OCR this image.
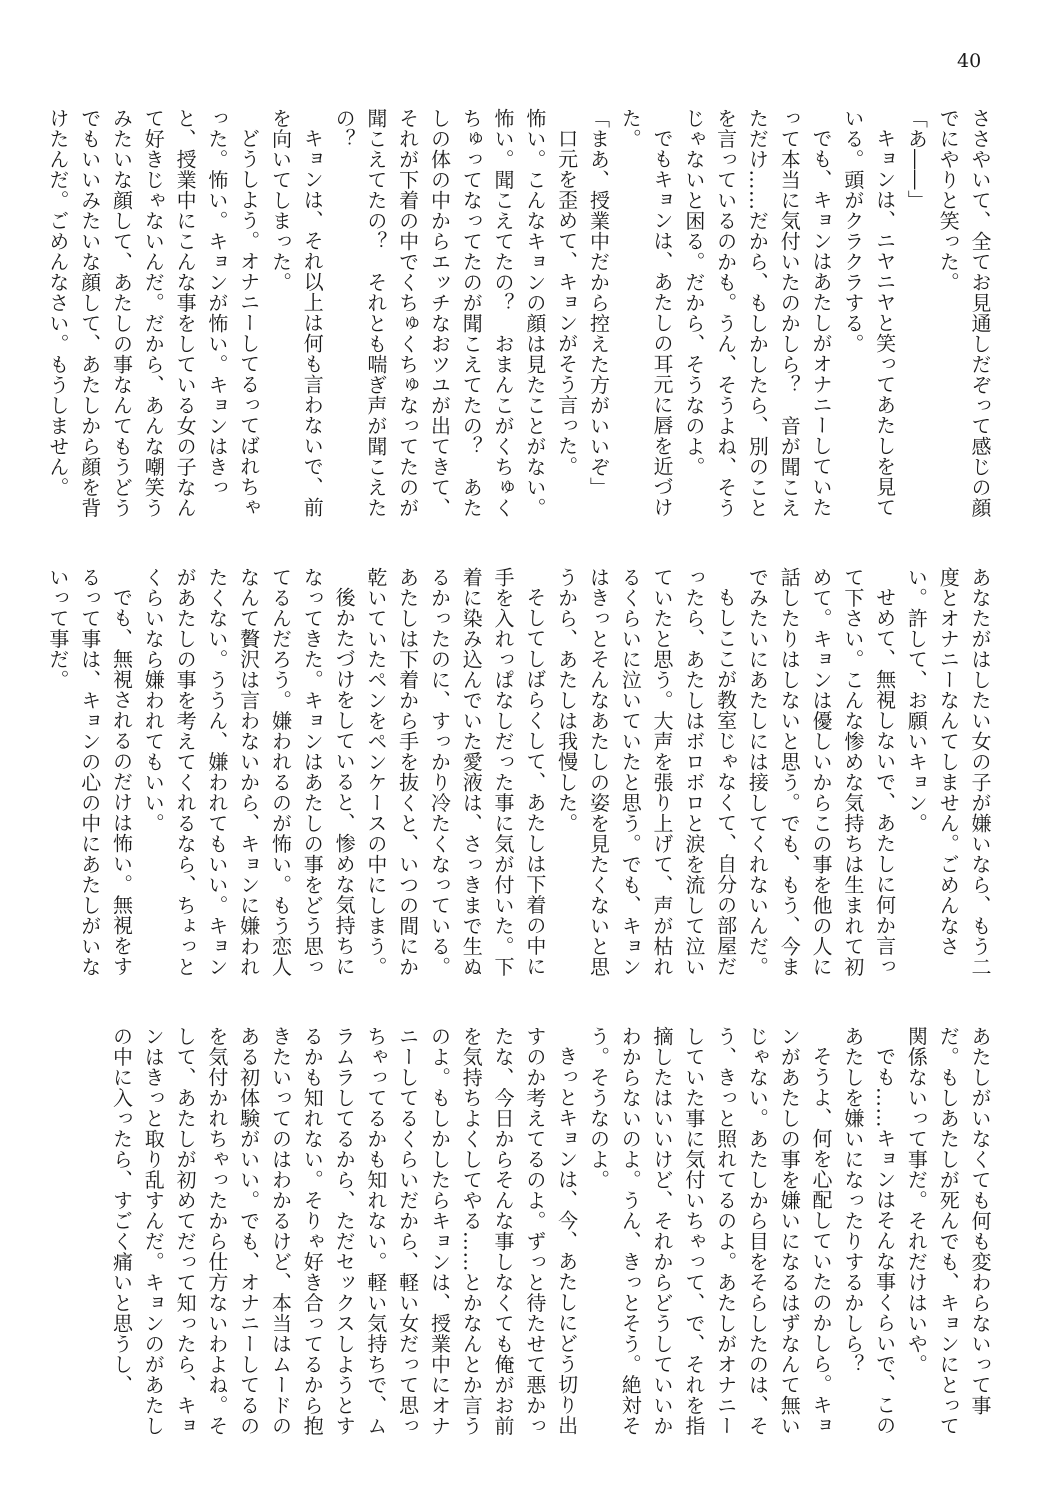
40

ささやいて、全てお見通しだぞって感じの顔でにやりと笑った。

「あ――」

キョンは、ニヤニヤと笑ってあたしを見ている。頭がクラクラする。

でも、キョンはあたしがオナニーしていたって本当に気付いたのかしら？　音が聞こえただけ……だから、もしかしたら、別のことを言っているのかも。うん、そうよね、そうじゃないと困る。だから、そうなのよ。

でもキョンは、あたしの耳元に唇を近づけた。

「まあ、授業中だから控えた方がいいぞ」

口元を歪めて、キョンがそう言った。

怖い。こんなキョンの顔は見たことがない。怖い。聞こえてたの？　おまんこがくちゅくちゅってなってたのが聞こえてたの？　あたしの体の中からエッチなおツユが出てきて、それが下着の中でくちゅくちゅなってたのが聞こえてたの？　それとも喘ぎ声が聞こえたの？

キョンは、それ以上は何も言わないで、前を向いてしまった。

どうしよう。オナニーしてるってばれちゃった。怖い。キョンが怖い。キョンはきっと、授業中にこんな事をしている女の子なんて好きじゃないんだ。だから、あんな嘲笑うみたいな顔して、あたしの事なんてもうどうでもいいみたいな顔して、あたしから顔を背けたんだ。ごめんなさい。もうしません。

あなたがはしたい女の子が嫌いなら、もう二度とオナニーなんてしません。ごめんなさい。許して、お願いキョン。

せめて、無視しないで、あたしに何か言って下さい。こんな惨めな気持ちは生まれて初めて。キョンは優しいからこの事を他の人に話したりはしないと思う。でも、もう、今までみたいにあたしには接してくれないんだ。

もしここが教室じゃなくて、自分の部屋だったら、あたしはボロボロと涙を流して泣いていたと思う。大声を張り上げて、声が枯れるくらいに泣いていたと思う。でも、キョンはきっとそんなあたしの姿を見たくないと思うから、あたしは我慢した。

そしてしばらくして、あたしは下着の中に手を入れっぱなしだった事に気が付いた。下着に染み込んでいた愛液は、さっきまで生ぬるかったのに、すっかり冷たくなっている。あたしは下着から手を抜くと、いつの間にか乾いていたペンをペンケースの中にしまう。

後かたづけをしていると、惨めな気持ちになってきた。キョンはあたしの事をどう思ってるんだろう。嫌われるのが怖い。もう恋人なんて贅沢は言わないから、キョンに嫌われたくない。ううん、嫌われてもいい。キョンがあたしの事を考えてくれるなら、ちょっとくらいなら嫌われてもいい。

でも、無視されるのだけは怖い。無視をするって事は、キョンの心の中にあたしがいないって事だ。

あたしがいなくても何も変わらないって事だ。もしあたしが死んでも、キョンにとって関係ないって事だ。それだけはいや。

でも……キョンはそんな事くらいで、このあたしを嫌いになったりするかしら？

そうよ、何を心配していたのかしら。キョンがあたしの事を嫌いになるはずなんて無いじゃない。あたしから目をそらしたのは、そう、きっと照れてるのよ。あたしがオナニーしていた事に気付いちゃって、で、それを指摘したはいいけど、それからどうしていいかわからないのよ。うん、きっとそう。絶対そう。そうなのよ。

きっとキョンは、今、あたしにどう切り出すのか考えてるのよ。ずっと待たせて悪かったな、今日からそんな事しなくても俺がお前を気持ちよくしてやる……とかなんとか言うのよ。もしかしたらキョンは、授業中にオナニーしてるくらいだから、軽い女だって思っちゃってるかも知れない。軽い気持ちで、ムラムラしてるから、ただセックスしようとするかも知れない。そりゃ好き合ってるから抱きたいってのはわかるけど、本当はムードのある初体験がいい。でも、オナニーしてるのを気付かれちゃったから仕方ないわよね。そして、あたしが初めてだって知ったら、キョンはきっと取り乱すんだ。キョンのがあたしの中に入ったら、すごく痛いと思うし、
